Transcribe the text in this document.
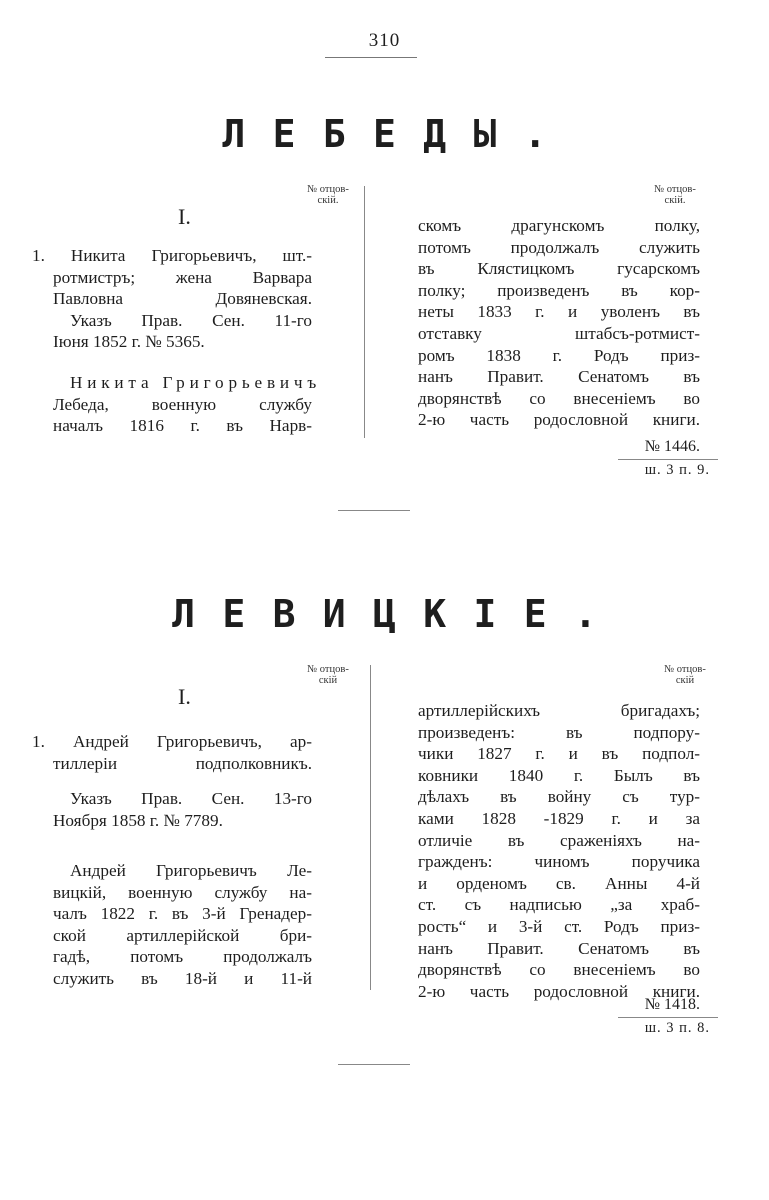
310
ЛЕБЕДЫ.
№ отцов-
скій.
№ отцов-
скій.
I.
1. Никита Григорьевичъ, шт.-
ротмистръ; жена Варвара
Павловна Довяневская.
Указъ Прав. Сен. 11-го
Іюня 1852 г. № 5365.
Никита Григорьевичъ
Лебеда, военную службу
началъ 1816 г. въ Нарв-
скомъ драгунскомъ полку,
потомъ продолжалъ служить
въ Клястицкомъ гусарскомъ
полку; произведенъ въ кор-
неты 1833 г. и уволенъ въ
отставку штабсъ-ротмист-
ромъ 1838 г. Родъ приз-
нанъ Правит. Сенатомъ въ
дворянствѣ со внесеніемъ во
2-ю часть родословной книги.
№ 1446.
ш. 3 п. 9.
ЛЕВИЦКІЕ.
№ отцов-
скій
№ отцов-
скій
I.
1. Андрей Григорьевичъ, ар-
тиллеріи подполковникъ.
Указъ Прав. Сен. 13-го
Ноября 1858 г. № 7789.
Андрей Григорьевичъ Ле-
вицкій, военную службу на-
чалъ 1822 г. въ 3-й Гренадер-
ской артиллерійской бри-
гадѣ, потомъ продолжалъ
служить въ 18-й и 11-й
артиллерійскихъ бригадахъ;
произведенъ: въ подпору-
чики 1827 г. и въ подпол-
ковники 1840 г. Былъ въ
дѣлахъ въ войну съ тур-
ками 1828 -1829 г. и за
отличіе въ сраженіяхъ на-
гражденъ: чиномъ поручика
и орденомъ св. Анны 4-й
ст. съ надписью „за храб-
рость“ и 3-й ст. Родъ приз-
нанъ Правит. Сенатомъ въ
дворянствѣ со внесеніемъ во
2-ю часть родословной книги.
№ 1418.
ш. 3 п. 8.
